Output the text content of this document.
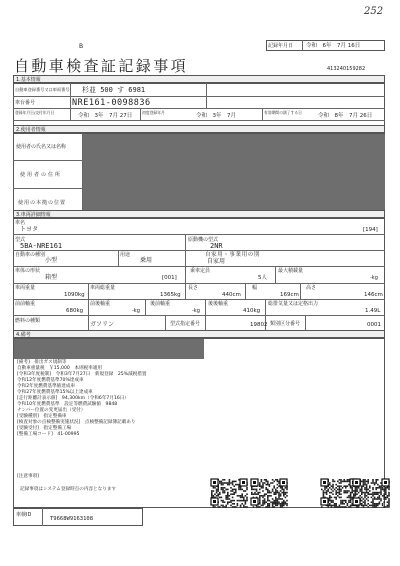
252
記録年月日 令和　6年　7月 16日
B
自動車検査証記録事項	413240159282
1.基本情報
自動車登録番号又は車両番号 杉並 500 す 6981
車台番号	NRE161-0098836
登録年月日/交付年月日
令和　3年　7月 27日
初度登録年月
令和　3年　7月
有効期間の満了する日
令和　8年　7月 26日
2.使用者情報
使用者の氏名又は名称
使用者の住所
使用の本拠の位置
3.車両詳細情報
車名
トヨタ	[194]
型式
5BA-NRE161
原動機の型式
2NR
自動車の種別
小型
用途
乗用
自家用・事業用の別
自家用
車体の形状
箱型	[001]
乗車定員
5人
最大積載量
-kg
車両重量
1090kg
車両総重量
1365kg
長さ
440cm
幅
169cm
高さ
146cm
前前軸重
680kg
前後軸重
-kg
後前軸重
-kg
後後軸重
410kg
総排気量又は定格出力
1.49L
燃料の種類	ガソリン	型式指定番号	19802 類別区分番号	0001
4.備考
[備考]　排出ガス規制等
自動車重量税　￥15,000　本則税率適用
[令和3年度税制]　令和3年7月27日　新規登録　25%減税措置
令和12年度燃費基準70%達成車
令和2年度燃費基準値達成車
令和27年度燃費基準15%以上達成車
[走行距離計表示値]　94,300km（令和6年7月16日）
令和10年度燃費基準　設定等燃費試験値　9848
ナンバー位置の変更届出（受付）
[受験種別]　指定整備車
[検査対象の点検整備実施状況]　点検整備記録簿記載あり
[受験受付]　指定整備工場
[整備工場コード]　41-00995
[注意事項]
記録事項はシステム登録時点の内容となります
車検ID
T9668W9163108
